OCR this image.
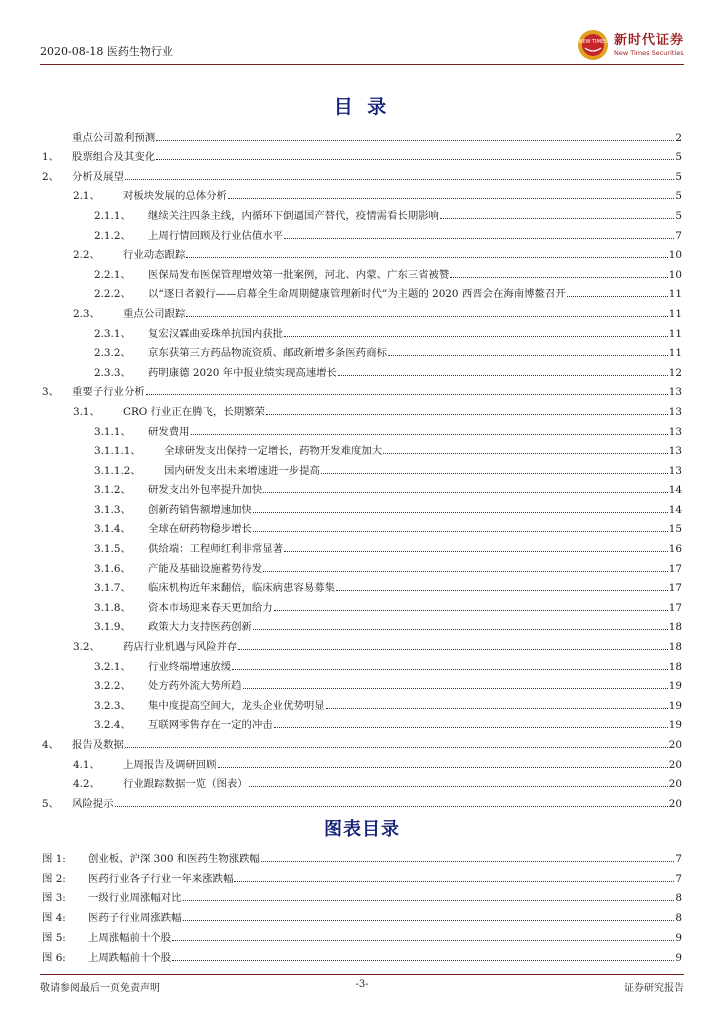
2020-08-18 医药生物行业
NEW TIMES 新时代证券
New Times Securities
目 录
重点公司盈利预测	2
1、	股票组合及其变化	5
2、	分析及展望	5
2.1、	对板块发展的总体分析	5
2.1.1、	继续关注四条主线，内循环下倒逼国产替代，疫情需看长期影响	5
2.1.2、	上周行情回顾及行业估值水平	7
2.2、	行业动态跟踪	10
2.2.1、	医保局发布医保管理增效第一批案例，河北、内蒙、广东三省被赞	10
2.2.2、	以“逐日者毅行——启幕全生命周期健康管理新时代”为主题的 2020 西晋会在海南博鳌召开	11
2.3、	重点公司跟踪	11
2.3.1、	复宏汉霖曲妥珠单抗国内获批	11
2.3.2、	京东获第三方药品物流资质、邮政新增多条医药商标	11
2.3.3、	药明康德 2020 年中报业绩实现高速增长	12
3、	重要子行业分析	13
3.1、	CRO 行业正在腾飞，长期繁荣	13
3.1.1、	研发费用	13
3.1.1.1、	全球研发支出保持一定增长，药物开发难度加大	13
3.1.1.2、	国内研发支出未来增速进一步提高	13
3.1.2、	研发支出外包率提升加快	14
3.1.3、	创新药销售额增速加快	14
3.1.4、	全球在研药物稳步增长	15
3.1.5、	供给端：工程师红利非常显著	16
3.1.6、	产能及基础设施蓄势待发	17
3.1.7、	临床机构近年来翻倍，临床病患容易募集	17
3.1.8、	资本市场迎来春天更加给力	17
3.1.9、	政策大力支持医药创新	18
3.2、	药店行业机遇与风险并存	18
3.2.1、	行业终端增速放缓	18
3.2.2、	处方药外流大势所趋	19
3.2.3、	集中度提高空间大，龙头企业优势明显	19
3.2.4、	互联网零售存在一定的冲击	19
4、	报告及数据	20
4.1、	上周报告及调研回顾	20
4.2、	行业跟踪数据一览（图表）	20
5、	风险提示	20
图表目录
图 1:	创业板、沪深 300 和医药生物涨跌幅	7
图 2:	医药行业各子行业一年来涨跌幅	7
图 3:	一级行业周涨幅对比	8
图 4:	医药子行业周涨跌幅	8
图 5:	上周涨幅前十个股	9
图 6:	上周跌幅前十个股	9
敬请参阅最后一页免责声明	-3-	证券研究报告
